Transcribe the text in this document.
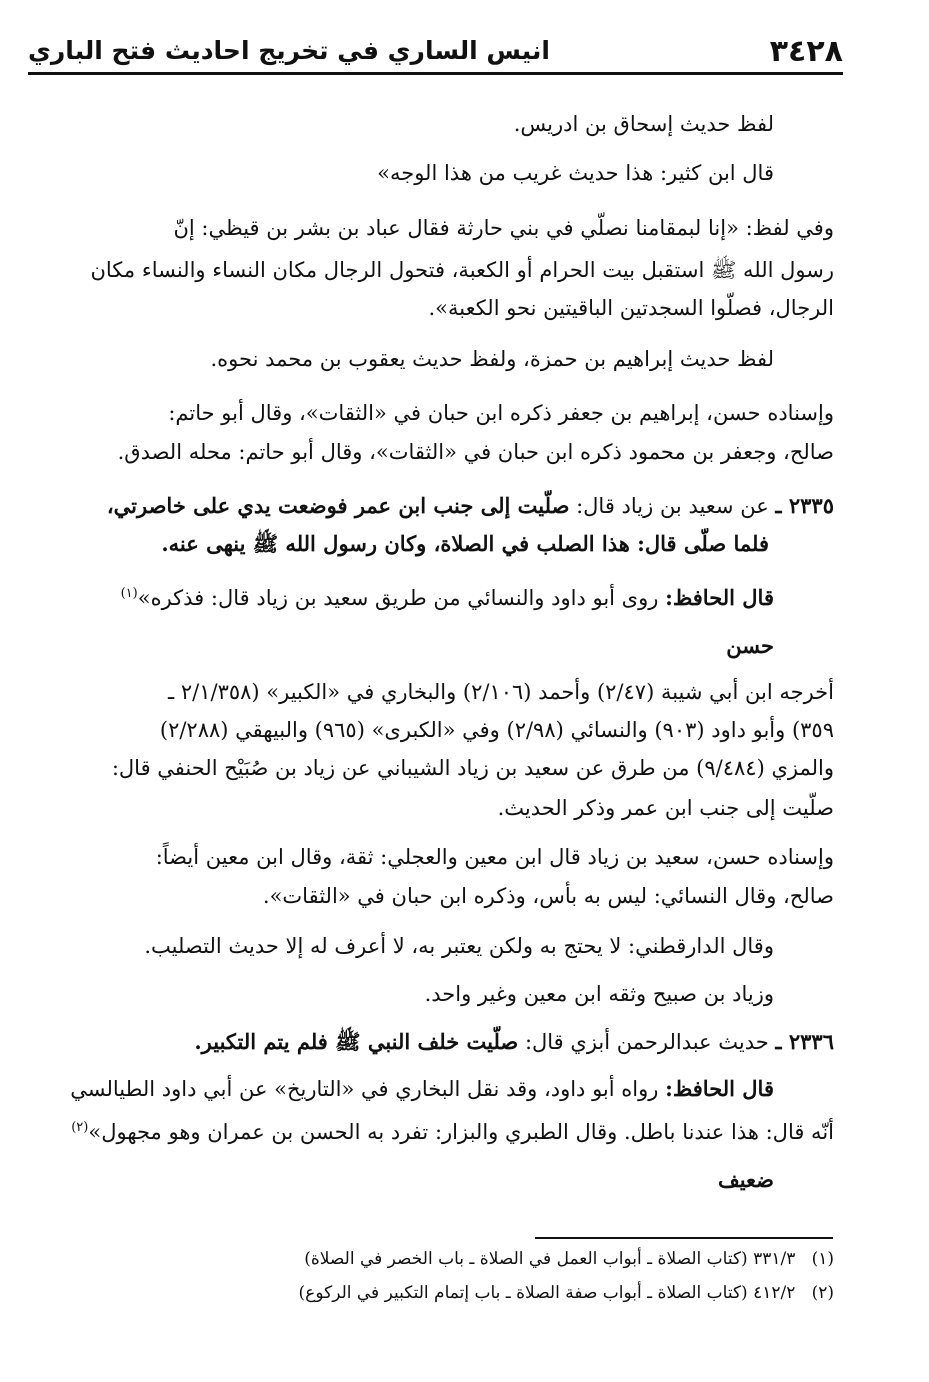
٣٤٢٨
انيس الساري في تخريج احاديث فتح الباري
لفظ حديث إسحاق بن ادريس.
قال ابن كثير: هذا حديث غريب من هذا الوجه»
وفي لفظ: «إنا لبمقامنا نصلّي في بني حارثة فقال عباد بن بشر بن قيظي: إنّ
رسول الله ﷺ استقبل بيت الحرام أو الكعبة، فتحول الرجال مكان النساء والنساء مكان
الرجال، فصلّوا السجدتين الباقيتين نحو الكعبة».
لفظ حديث إبراهيم بن حمزة، ولفظ حديث يعقوب بن محمد نحوه.
وإسناده حسن، إبراهيم بن جعفر ذكره ابن حبان في «الثقات»، وقال أبو حاتم:
صالح، وجعفر بن محمود ذكره ابن حبان في «الثقات»، وقال أبو حاتم: محله الصدق.
٢٣٣٥ ـ عن سعيد بن زياد قال: صلّيت إلى جنب ابن عمر فوضعت يدي على خاصرتي،
فلما صلّى قال: هذا الصلب في الصلاة، وكان رسول الله ﷺ ينهى عنه.
قال الحافظ: روى أبو داود والنسائي من طريق سعيد بن زياد قال: فذكره»$^{(١)}$
حسن
أخرجه ابن أبي شيبة (٢/٤٧) وأحمد (٢/١٠٦) والبخاري في «الكبير» (٢/١/٣٥٨ ـ
٣٥٩) وأبو داود (٩٠٣) والنسائي (٢/٩٨) وفي «الكبرى» (٩٦٥) والبيهقي (٢/٢٨٨)
والمزي (٩/٤٨٤) من طرق عن سعيد بن زياد الشيباني عن زياد بن صُبَيْح الحنفي قال:
صلّيت إلى جنب ابن عمر وذكر الحديث.
وإسناده حسن، سعيد بن زياد قال ابن معين والعجلي: ثقة، وقال ابن معين أيضاً:
صالح، وقال النسائي: ليس به بأس، وذكره ابن حبان في «الثقات».
وقال الدارقطني: لا يحتج به ولكن يعتبر به، لا أعرف له إلا حديث التصليب.
وزياد بن صبيح وثقه ابن معين وغير واحد.
٢٣٣٦ ـ حديث عبدالرحمن أبزي قال: صلّيت خلف النبي ﷺ فلم يتم التكبير.
قال الحافظ: رواه أبو داود، وقد نقل البخاري في «التاريخ» عن أبي داود الطيالسي
أنّه قال: هذا عندنا باطل. وقال الطبري والبزار: تفرد به الحسن بن عمران وهو مجهول»$^{(٢)}$
ضعيف
(١)   ٣٣١/٣ (كتاب الصلاة ـ أبواب العمل في الصلاة ـ باب الخصر في الصلاة)
(٢)   ٤١٢/٢ (كتاب الصلاة ـ أبواب صفة الصلاة ـ باب إتمام التكبير في الركوع)
